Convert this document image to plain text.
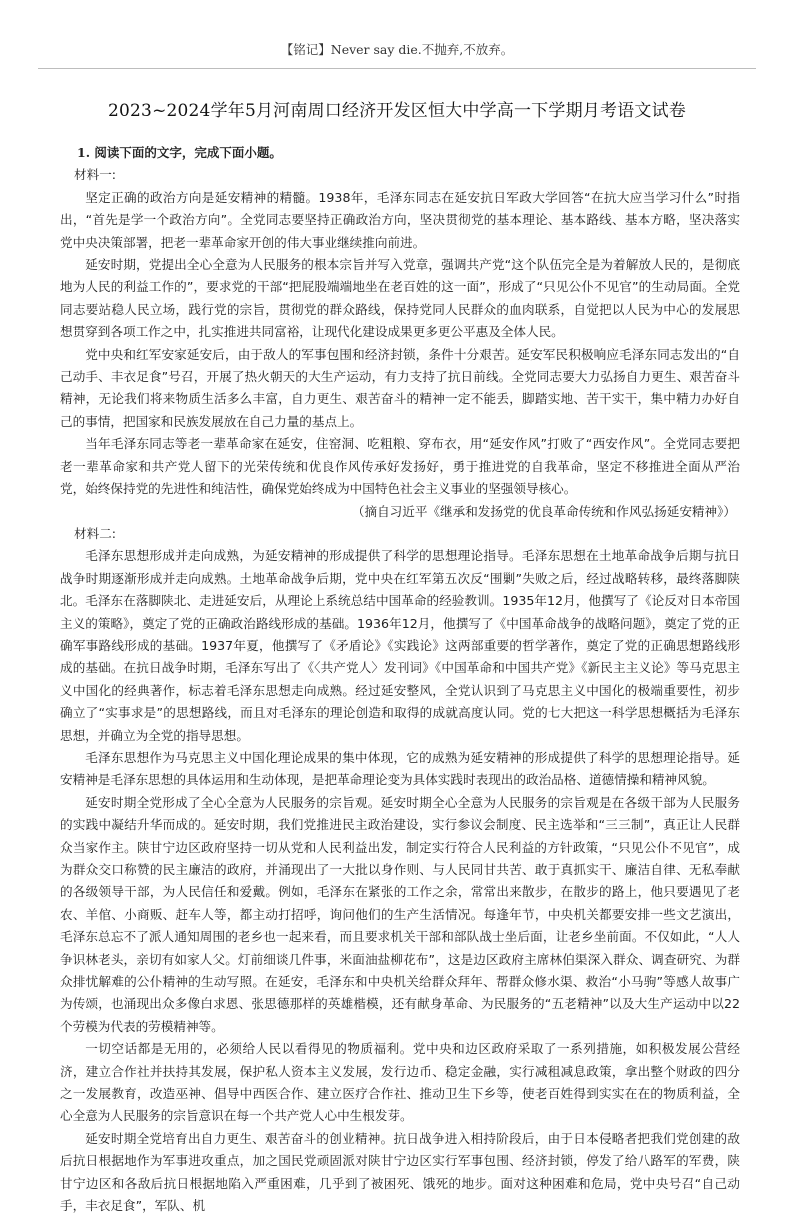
【铭记】Never say die.不抛弃,不放弃。
2023~2024学年5月河南周口经济开发区恒大中学高一下学期月考语文试卷

1. 阅读下面的文字，完成下面小题。

材料一:

坚定正确的政治方向是延安精神的精髓。1938年，毛泽东同志在延安抗日军政大学回答“在抗大应当学习什么”时指出，“首先是学一个政治方向”。全党同志要坚持正确政治方向，坚决贯彻党的基本理论、基本路线、基本方略，坚决落实党中央决策部署，把老一辈革命家开创的伟大事业继续推向前进。

延安时期，党提出全心全意为人民服务的根本宗旨并写入党章，强调共产党“这个队伍完全是为着解放人民的，是彻底地为人民的利益工作的”，要求党的干部“把屁股端端地坐在老百姓的这一面”，形成了“只见公仆不见官”的生动局面。全党同志要站稳人民立场，践行党的宗旨，贯彻党的群众路线，保持党同人民群众的血肉联系，自觉把以人民为中心的发展思想贯穿到各项工作之中，扎实推进共同富裕，让现代化建设成果更多更公平惠及全体人民。

党中央和红军安家延安后，由于敌人的军事包围和经济封锁，条件十分艰苦。延安军民积极响应毛泽东同志发出的“自己动手、丰衣足食”号召，开展了热火朝天的大生产运动，有力支持了抗日前线。全党同志要大力弘扬自力更生、艰苦奋斗精神，无论我们将来物质生活多么丰富，自力更生、艰苦奋斗的精神一定不能丢，脚踏实地、苦干实干，集中精力办好自己的事情，把国家和民族发展放在自己力量的基点上。

当年毛泽东同志等老一辈革命家在延安，住窑洞、吃粗粮、穿布衣，用“延安作风”打败了“西安作风”。全党同志要把老一辈革命家和共产党人留下的光荣传统和优良作风传承好发扬好，勇于推进党的自我革命，坚定不移推进全面从严治党，始终保持党的先进性和纯洁性，确保党始终成为中国特色社会主义事业的坚强领导核心。

（摘自习近平《继承和发扬党的优良革命传统和作风弘扬延安精神》）

材料二:

毛泽东思想形成并走向成熟，为延安精神的形成提供了科学的思想理论指导。毛泽东思想在土地革命战争后期与抗日战争时期逐渐形成并走向成熟。土地革命战争后期，党中央在红军第五次反“围剿”失败之后，经过战略转移，最终落脚陕北。毛泽东在落脚陕北、走进延安后，从理论上系统总结中国革命的经验教训。1935年12月，他撰写了《论反对日本帝国主义的策略》，奠定了党的正确政治路线形成的基础。1936年12月，他撰写了《中国革命战争的战略问题》，奠定了党的正确军事路线形成的基础。1937年夏，他撰写了《矛盾论》《实践论》这两部重要的哲学著作，奠定了党的正确思想路线形成的基础。在抗日战争时期，毛泽东写出了《〈共产党人〉发刊词》《中国革命和中国共产党》《新民主主义论》等马克思主义中国化的经典著作，标志着毛泽东思想走向成熟。经过延安整风，全党认识到了马克思主义中国化的极端重要性，初步确立了“实事求是”的思想路线，而且对毛泽东的理论创造和取得的成就高度认同。党的七大把这一科学思想概括为毛泽东思想，并确立为全党的指导思想。

毛泽东思想作为马克思主义中国化理论成果的集中体现，它的成熟为延安精神的形成提供了科学的思想理论指导。延安精神是毛泽东思想的具体运用和生动体现，是把革命理论变为具体实践时表现出的政治品格、道德情操和精神风貌。

延安时期全党形成了全心全意为人民服务的宗旨观。延安时期全心全意为人民服务的宗旨观是在各级干部为人民服务的实践中凝结升华而成的。延安时期，我们党推进民主政治建设，实行参议会制度、民主选举和“三三制”，真正让人民群众当家作主。陕甘宁边区政府坚持一切从党和人民利益出发，制定实行符合人民利益的方针政策，“只见公仆不见官”，成为群众交口称赞的民主廉洁的政府，并涌现出了一大批以身作则、与人民同甘共苦、敢于真抓实干、廉洁自律、无私奉献的各级领导干部，为人民信任和爱戴。例如，毛泽东在紧张的工作之余，常常出来散步，在散步的路上，他只要遇见了老农、羊倌、小商贩、赶车人等，都主动打招呼，询问他们的生产生活情况。每逢年节，中央机关都要安排一些文艺演出，毛泽东总忘不了派人通知周围的老乡也一起来看，而且要求机关干部和部队战士坐后面，让老乡坐前面。不仅如此，“人人争识林老头，亲切有如家人父。灯前细谈几件事，米面油盐柳花布”，这是边区政府主席林伯渠深入群众、调查研究、为群众排忧解难的公仆精神的生动写照。在延安，毛泽东和中央机关给群众拜年、帮群众修水渠、救治“小马驹”等感人故事广为传颂，也涌现出众多像白求恩、张思德那样的英雄楷模，还有献身革命、为民服务的“五老精神”以及大生产运动中以22个劳模为代表的劳模精神等。

一切空话都是无用的，必须给人民以看得见的物质福利。党中央和边区政府采取了一系列措施，如积极发展公营经济，建立合作社并扶持其发展，保护私人资本主义发展，发行边币、稳定金融，实行减租减息政策，拿出整个财政的四分之一发展教育，改造巫神、倡导中西医合作、建立医疗合作社、推动卫生下乡等，使老百姓得到实实在在的物质利益，全心全意为人民服务的宗旨意识在每一个共产党人心中生根发芽。

延安时期全党培育出自力更生、艰苦奋斗的创业精神。抗日战争进入相持阶段后，由于日本侵略者把我们党创建的敌后抗日根据地作为军事进攻重点，加之国民党顽固派对陕甘宁边区实行军事包围、经济封锁，停发了给八路军的军费，陕甘宁边区和各敌后抗日根据地陷入严重困难，几乎到了被困死、饿死的地步。面对这种困难和危局，党中央号召“自己动手，丰衣足食”，军队、机
